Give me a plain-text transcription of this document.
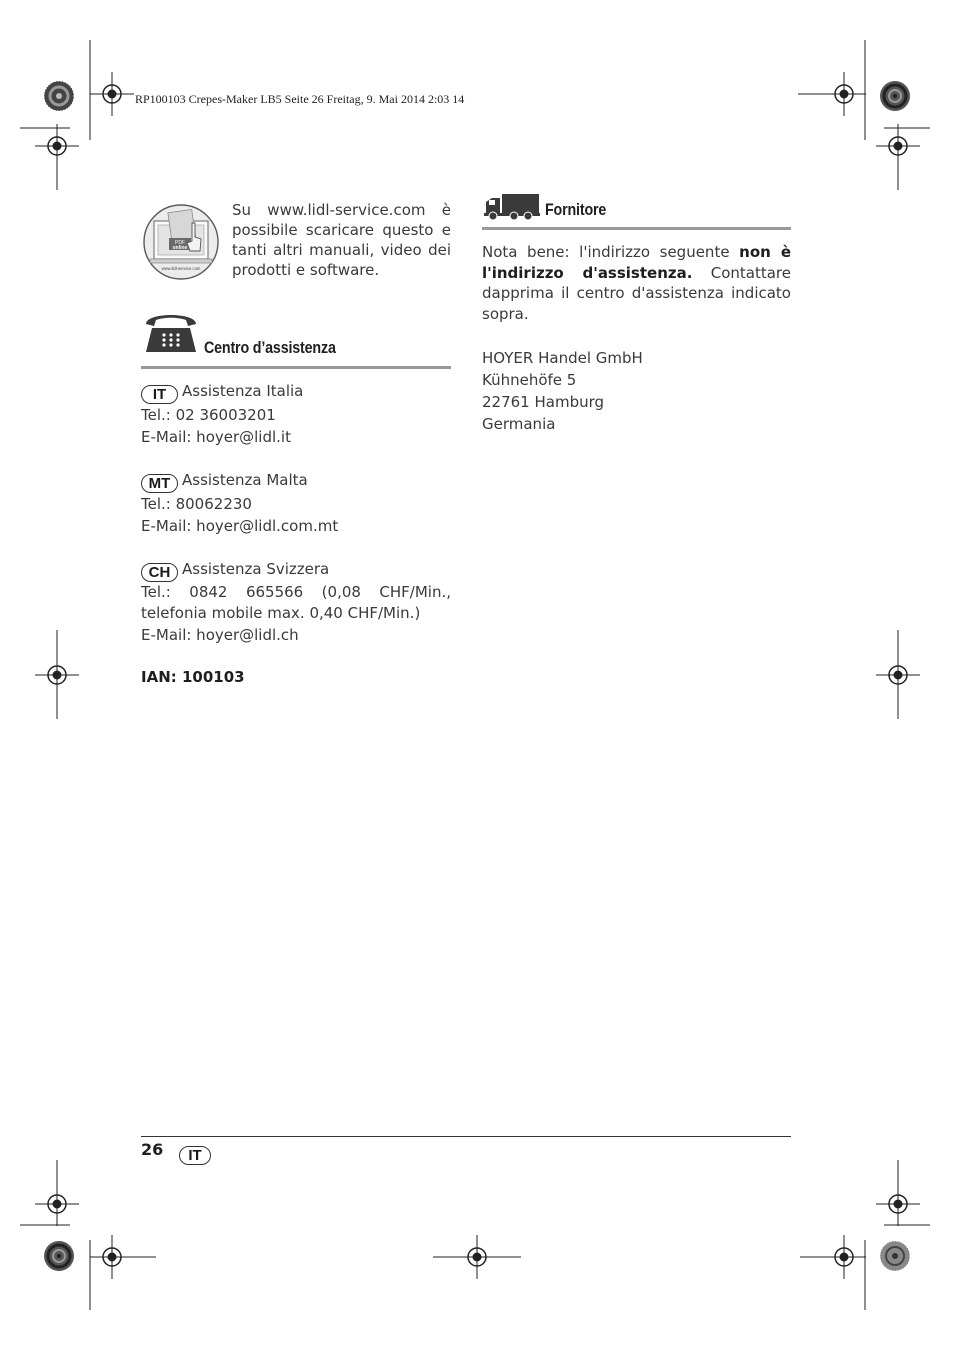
RP100103 Crepes-Maker LB5 Seite 26 Freitag, 9. Mai 2014 2:03 14
PDF
online
www.lidl-service.com
Su www.lidl-service.com è
possibile scaricare questo e
tanti altri manuali, video dei
prodotti e software.
Centro d’assistenza
IT Assistenza Italia
Tel.: 02 36003201
E-Mail: hoyer@lidl.it
MT Assistenza Malta
Tel.: 80062230
E-Mail: hoyer@lidl.com.mt
CH Assistenza Svizzera
Tel.: 0842 665566 (0,08 CHF/Min.,
telefonia mobile max. 0,40 CHF/Min.)
E-Mail: hoyer@lidl.ch
IAN: 100103
Fornitore
Nota bene: l'indirizzo seguente non è
l'indirizzo d'assistenza. Contattare
dapprima il centro d'assistenza indicato
sopra.
HOYER Handel GmbH
Kühnehöfe 5
22761 Hamburg
Germania
26	IT
